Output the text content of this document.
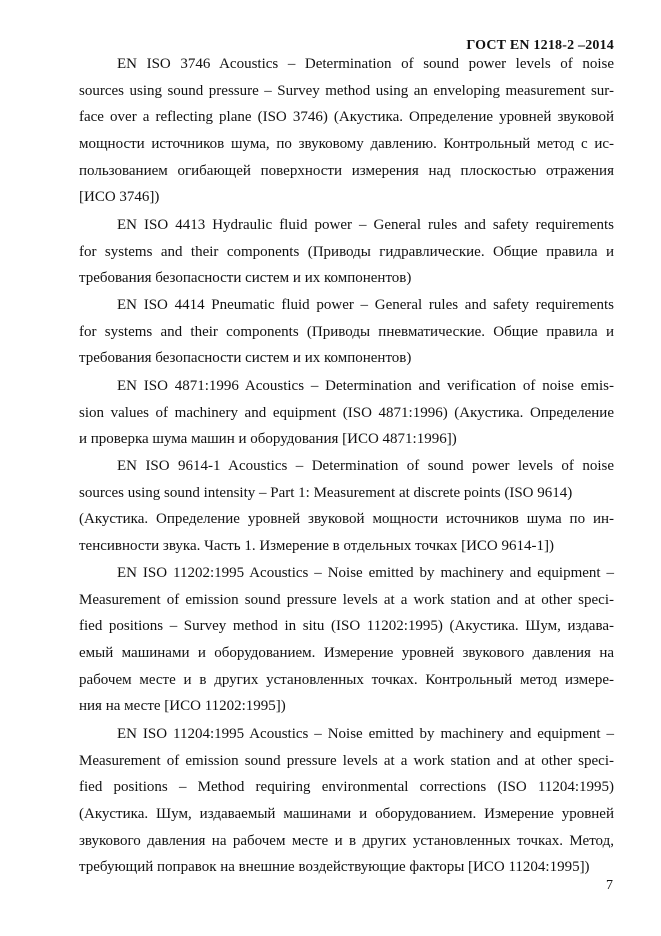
ГОСТ EN 1218-2 –2014
EN ISO 3746 Acoustics – Determination of sound power levels of noise
sources using sound pressure – Survey method using an enveloping measurement sur-
face over a reflecting plane (ISO 3746) (Акустика. Определение уровней звуковой
мощности источников шума, по звуковому давлению. Контрольный метод с ис-
пользованием огибающей поверхности измерения над плоскостью отражения
[ИСО 3746])
EN ISO 4413 Hydraulic fluid power – General rules and safety requirements
for systems and their components (Приводы гидравлические. Общие правила и
требования безопасности систем и их компонентов)
EN ISO 4414 Pneumatic fluid power – General rules and safety requirements
for systems and their components (Приводы пневматические. Общие правила и
требования безопасности систем и их компонентов)
EN ISO 4871:1996 Acoustics – Determination and verification of noise emis-
sion values of machinery and equipment (ISO 4871:1996) (Акустика. Определение
и проверка шума машин и оборудования [ИСО 4871:1996])
EN ISO 9614-1 Acoustics – Determination of sound power levels of noise
sources using sound intensity – Part 1: Measurement at discrete points (ISO 9614)
(Акустика. Определение уровней звуковой мощности источников шума по ин-
тенсивности звука. Часть 1. Измерение в отдельных точках [ИСО 9614-1])
EN ISO 11202:1995 Acoustics – Noise emitted by machinery and equipment –
Measurement of emission sound pressure levels at a work station and at other speci-
fied positions – Survey method in situ (ISO 11202:1995) (Акустика. Шум, издава-
емый машинами и оборудованием. Измерение уровней звукового давления на
рабочем месте и в других установленных точках. Контрольный метод измере-
ния на месте [ИСО 11202:1995])
EN ISO 11204:1995 Acoustics – Noise emitted by machinery and equipment –
Measurement of emission sound pressure levels at a work station and at other speci-
fied positions – Method requiring environmental corrections (ISO 11204:1995)
(Акустика. Шум, издаваемый машинами и оборудованием. Измерение уровней
звукового давления на рабочем месте и в других установленных точках. Метод,
требующий поправок на внешние воздействующие факторы [ИСО 11204:1995])
7
